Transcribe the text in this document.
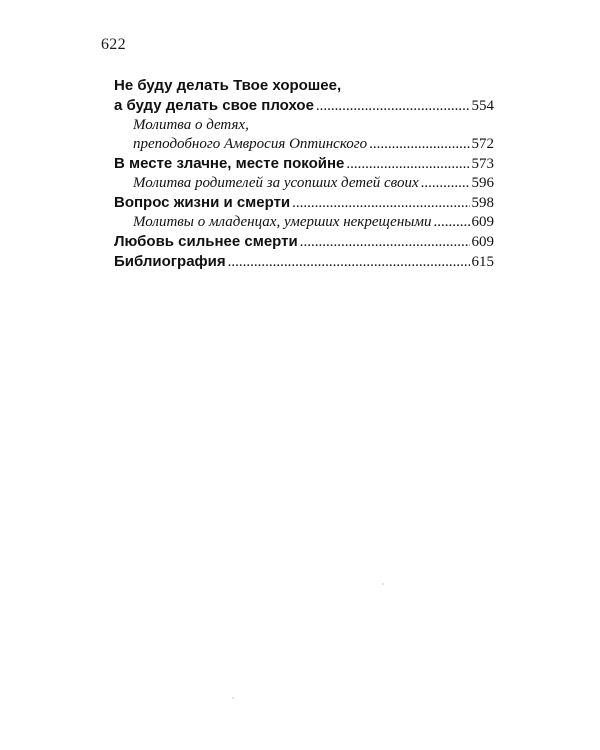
622
Не буду делать Твое хорошее,
а буду делать свое плохое .....	554
Молитва о детях,
преподобного Амвросия Оптинского .....	572
В месте злачне, месте покойне .....	573
Молитва родителей за усопших детей своих .....	596
Вопрос жизни и смерти .....	598
Молитвы о младенцах, умерших некрещеными .....	609
Любовь сильнее смерти .....	609
Библиография .....	615
